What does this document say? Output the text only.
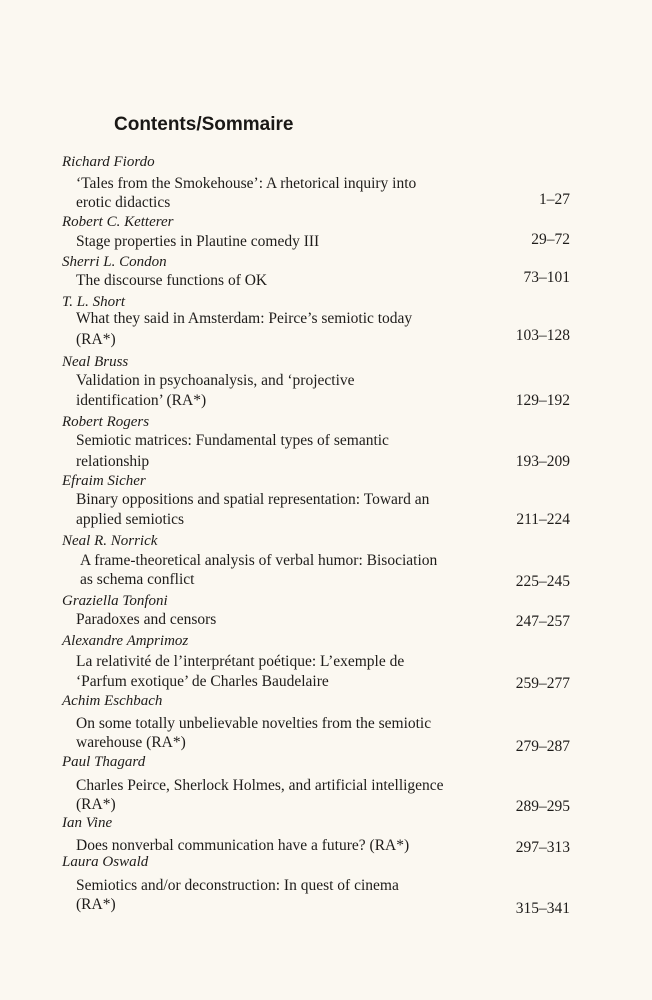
Contents/Sommaire
Richard Fiordo
‘Tales from the Smokehouse’: A rhetorical inquiry into
erotic didactics	1–27
Robert C. Ketterer
Stage properties in Plautine comedy III	29–72
Sherri L. Condon
The discourse functions of OK	73–101
T. L. Short
What they said in Amsterdam: Peirce’s semiotic today
(RA*)	103–128
Neal Bruss
Validation in psychoanalysis, and ‘projective
identification’ (RA*)	129–192
Robert Rogers
Semiotic matrices: Fundamental types of semantic
relationship	193–209
Efraim Sicher
Binary oppositions and spatial representation: Toward an
applied semiotics	211–224
Neal R. Norrick
A frame-theoretical analysis of verbal humor: Bisociation
as schema conflict	225–245
Graziella Tonfoni
Paradoxes and censors	247–257
Alexandre Amprimoz
La relativité de l’interprétant poétique: L’exemple de
‘Parfum exotique’ de Charles Baudelaire	259–277
Achim Eschbach
On some totally unbelievable novelties from the semiotic
warehouse (RA*)	279–287
Paul Thagard
Charles Peirce, Sherlock Holmes, and artificial intelligence
(RA*)	289–295
Ian Vine
Does nonverbal communication have a future? (RA*)	297–313
Laura Oswald
Semiotics and/or deconstruction: In quest of cinema
(RA*)	315–341
